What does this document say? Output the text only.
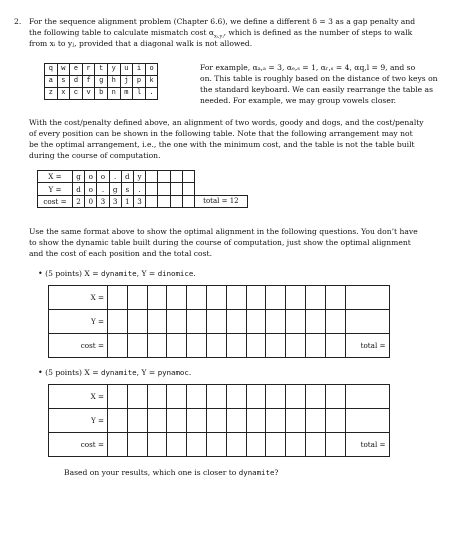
2. For the sequence alignment problem (Chapter 6.6), we define a different δ = 3 as a gap penalty and
the following table to calculate mismatch cost $\alpha_{xᵢ,yⱼ}$, which is defined as the number of steps to walk
from xᵢ to yⱼ, provided that a diagonal walk is not allowed.
q	w	e	r	t	y	u	i	o
a	s	d	f	g	h	j	p	k
z	x	c	v	b	n	m	l	.
For example, αₐ,ₐ = 3, αₑ,ₛ = 1, αᵣ,ₛ = 4, αq,l = 9, and so
on. This table is roughly based on the distance of two keys on
the standard keyboard. We can easily rearrange the table as
needed. For example, we may group vowels closer.
With the cost/penalty defined above, an alignment of two words, goody and dogs, and the cost/penalty
of every position can be shown in the following table. Note that the following arrangement may not
be the optimal arrangement, i.e., the one with the minimum cost, and the table is not the table built
during the course of computation.
X =	g	o	o	.	d	y					
Y =	d	o	.	g	s	.					
cost =	2	0	3	3	1	3					total = 12
Use the same format above to show the optimal alignment in the following questions. You don’t have
to show the dynamic table built during the course of computation, just show the optimal alignment
and the cost of each position and the total cost.
• (5 points) X = dynamite, Y = dinomice.
X =													
Y =													
cost =													total =
• (5 points) X = dynamite, Y = pynamoc.
X =													
Y =													
cost =													total =
Based on your results, which one is closer to dynamite?
